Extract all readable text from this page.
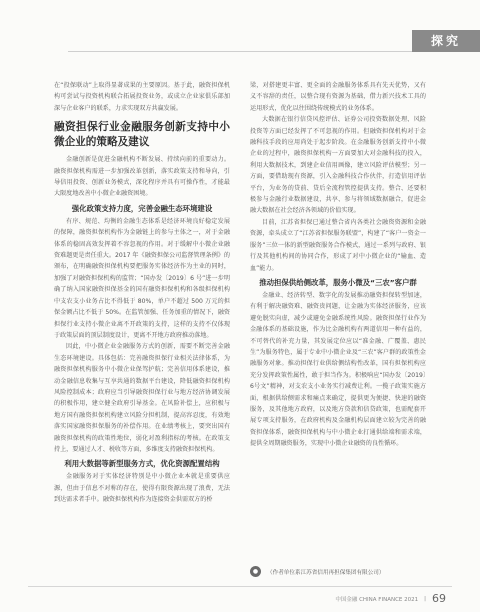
探究

在“投保联动”上取得显著成果的主要原因。基于此，融资担保机构可尝试与投资机构联合拓展投资业务，或成立企业家俱乐部加深与企业客户的联系，力求实现双方共赢发展。

融资担保行业金融服务创新支持中小微企业的策略及建议

金融创新是促进金融机构不断发展、持续向前的重要动力。融资担保机构需进一步加强改革创新，落实政策支持和导向，引导信用投资、创新业务模式，深化程序并具有可操作性，才能最大限度地改善中小微企业融资困境。

强化政策支持力度，完善金融生态环境建设

有序、规范、均衡的金融生态体系是经济环境良好稳定发展的保障，融资担保机构作为金融链上的参与主体之一，对于金融体系的稳固高效发挥着不容忽视的作用。对于缓解中小微企业融资难题更是责任重大。2017 年《融资担保公司监督管理条例》的颁布，在明确融资担保机构要把服务实体经济作为主业的同时，加强了对融资担保机构的监管；“国办发〔2019〕6 号”进一步明确了纳入国家融资担保基金的国有融资担保机构和各级担保机构中支农支小业务占比不得低于 80%，单户不超过 500 万元的担保金额占比不低于 50%。在监管加强、任务加重的情况下，融资担保行业支持小微企业离不开政策的支持，这样的支持不仅体现于政策层面的顶层制度设计，更离不开地方政府推动落地。

因此，中小微企业金融服务方式的创新，需要不断完善金融生态环境建设。具体包括：完善融资担保行业相关法律体系，为融资担保机构服务中小微企业保驾护航；完善信用体系建设，推动金融信息收集与互享共通的数据平台建设，降低融资担保机构风险控制成本；政府应当引导融资担保行业与地方经济协调发展的积极作用，建立健全政府引导基金。在风险补偿上，应积极与地方国有融资担保机构建立风险分担机制，提高容忍度，有效地落实国家融资担保服务的补偿作用。在业绩考核上，要突出国有融资担保机构的政策性地位，弱化对盈利指标的考核。在政策支持上，要通过人才、税收等方面，多维度支持融资担保机构。

利用大数据等新型服务方式，优化资源配置结构

金融服务对于实体经济特别是中小微企业本就是重要供应源，但由于信息不对称的存在，使得有限资源出现了浪费，无法到达需求者手中。融资担保机构作为连接资金供需双方的桥

梁，对搭建更丰富、更全面的金融服务体系具有先天优势，又有义不容辞的责任，以整合现有资源为基础，借力新兴技术工具的运用形式，优化以往围绕传统模式的业务体系。

大数据在银行信贷风控评估、证券公司投资数据处理、风险投资等方面已经发挥了不可忽视的作用。但融资担保机构对于金融科技手段的应用尚处于起步阶段。在金融服务创新支持中小微企业的过程中，融资担保机构一方面要加大对金融科技的投入，利用大数据技术，到建企业信用画像，建立风险评估模型；另一方面，要借助现有资源，引入金融科技合作伙伴，打造信用评估平台，为业务的贷前、贷后全流程管控提供支持。整合、还要积极参与金融行业数据建设，共享、参与将领域数据融合，促进金融大数据在社会经济各领域的价值实现。

目前，江苏省担保已通过整合省内各类社会融资资源和金融资源，牵头成立了“江苏省担保服务联盟”，构建了“客户一资金一服务”三位一体的新型融资服务合作模式，通过一系列与政府、银行及其他机构间的协同合作，形成了对中小微企业的“输血、造血”能力。

推动担保供给侧改革，服务小微及“三农”客户群

金融业、经济转型、数字化的发展推动融资担保转型加速，有利于解决融资难、融资贵问题，让金融为实体经济服务，应该避免脱实向虚，减少或避免金融系统性风险。融资担保行业作为金融体系的基础设施，作为比金融机构有两道信用一种有益的，不可替代的补充力量，其发展定位应以“准金融、广覆盖、惠民生”为服务特色，属于专业中小微企业及“三农”客户群的政策性金融服务对象。推动担保行业供给侧结构性改革，国有担保机构应充分发挥政策性属性，敢于担当作为。积极响应“国办发〔2019〕6号文”精神，对支农支小业务实行减费让利。一揽子政策实施方面，根据供给侧需求和痛点来确定，提供更为便捷、快速的融资服务，及其他地方政府，以及地方贷款和信贷政策，也需配套开展专项支持服务，在政府机构及金融机构层面建立较为完善的融资担保体系，融资担保机构与中小微企业打通供给端和需求端，提供全周期融资服务，实现中小微企业融资的良性循环。

●	（作者单位系江苏省信用再担保集团有限公司）
中国金融 CHINA FINANCE 2021 | 69
